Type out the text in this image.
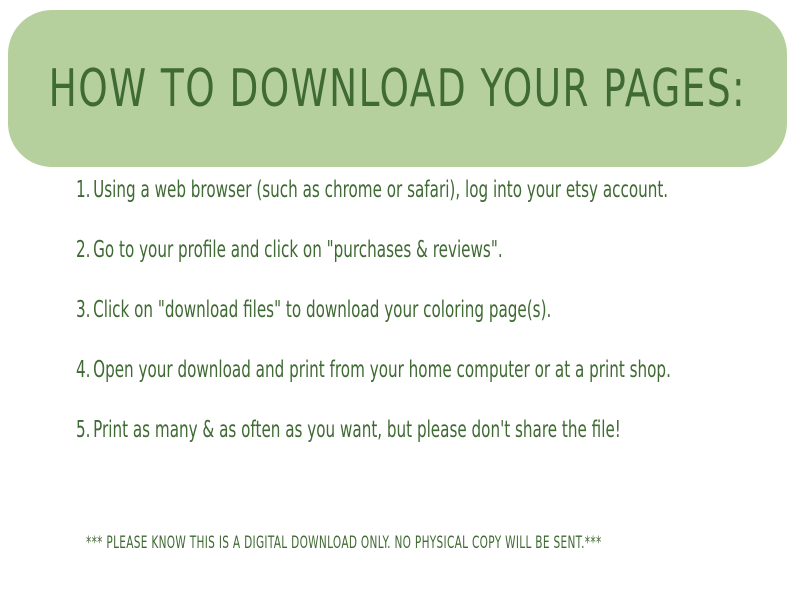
HOW TO DOWNLOAD YOUR PAGES:
1. Using a web browser (such as chrome or safari), log into your etsy account.
2. Go to your profile and click on "purchases & reviews".
3. Click on "download files" to download your coloring page(s).
4. Open your download and print from your home computer or at a print shop.
5. Print as many & as often as you want, but please don't share the file!
*** PLEASE KNOW THIS IS A DIGITAL DOWNLOAD ONLY. NO PHYSICAL COPY WILL BE SENT.***
